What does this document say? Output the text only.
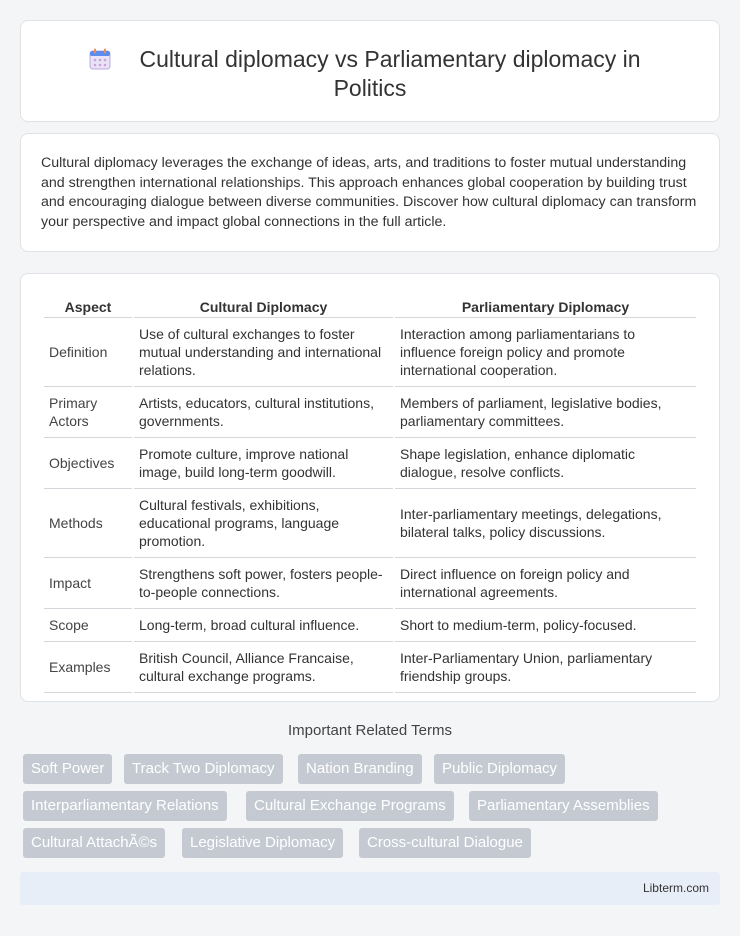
Cultural diplomacy vs Parliamentary diplomacy in
Politics

Cultural diplomacy leverages the exchange of ideas, arts, and traditions to foster mutual understanding and strengthen international relationships. This approach enhances global cooperation by building trust and encouraging dialogue between diverse communities. Discover how cultural diplomacy can transform your perspective and impact global connections in the full article.

Aspect	Cultural Diplomacy	Parliamentary Diplomacy
Definition	Use of cultural exchanges to foster mutual understanding and international relations.	Interaction among parliamentarians to influence foreign policy and promote international cooperation.
Primary Actors	Artists, educators, cultural institutions, governments.	Members of parliament, legislative bodies, parliamentary committees.
Objectives	Promote culture, improve national image, build long-term goodwill.	Shape legislation, enhance diplomatic dialogue, resolve conflicts.
Methods	Cultural festivals, exhibitions, educational programs, language promotion.	Inter-parliamentary meetings, delegations, bilateral talks, policy discussions.
Impact	Strengthens soft power, fosters people-to-people connections.	Direct influence on foreign policy and international agreements.
Scope	Long-term, broad cultural influence.	Short to medium-term, policy-focused.
Examples	British Council, Alliance Francaise, cultural exchange programs.	Inter-Parliamentary Union, parliamentary friendship groups.
Important Related Terms
Soft Power	Track Two Diplomacy	Nation Branding	Public Diplomacy
Interparliamentary Relations	Cultural Exchange Programs	Parliamentary Assemblies
Cultural AttachÃ©s	Legislative Diplomacy	Cross-cultural Dialogue
Libterm.com
